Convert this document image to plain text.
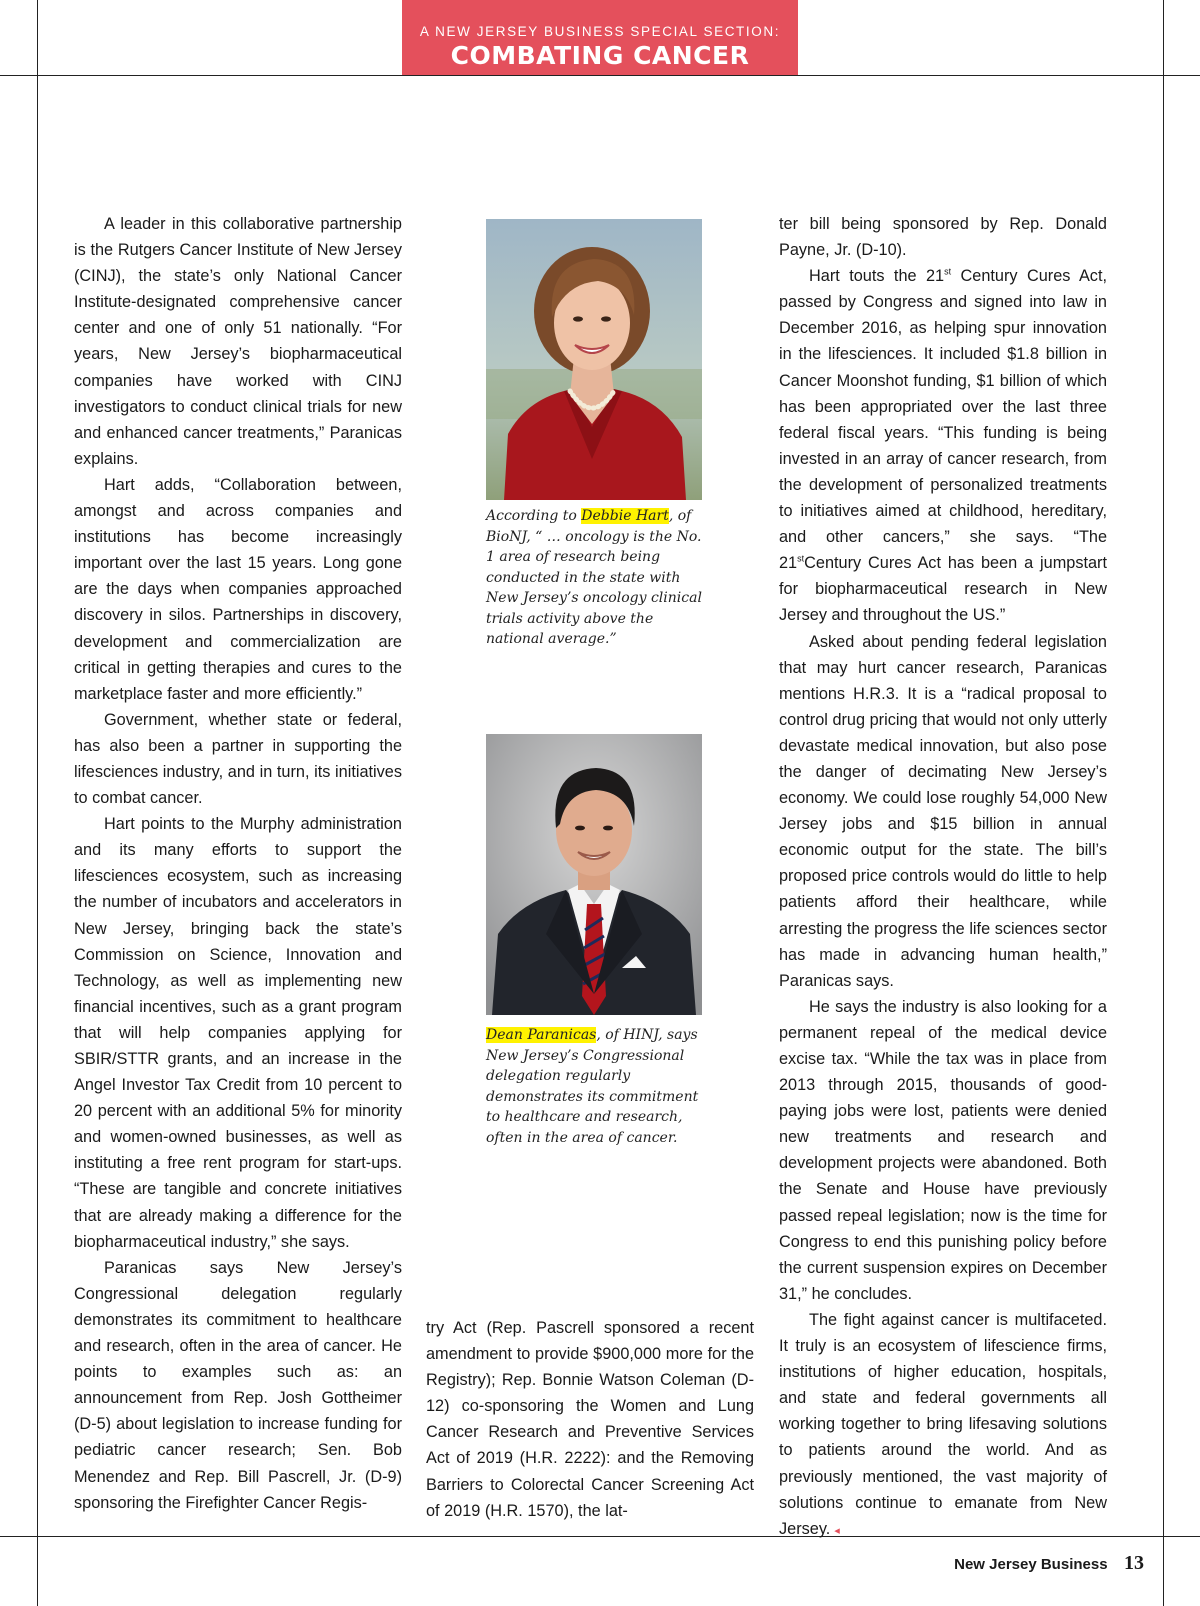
A NEW JERSEY BUSINESS SPECIAL SECTION:
COMBATING CANCER

A leader in this collaborative partnership is the Rutgers Cancer Institute of New Jersey (CINJ), the state’s only National Cancer Institute-designated comprehensive cancer center and one of only 51 nationally. “For years, New Jersey’s biopharmaceutical companies have worked with CINJ investigators to conduct clinical trials for new and enhanced cancer treatments,” Paranicas explains.

Hart adds, “Collaboration between, amongst and across companies and institutions has become increasingly important over the last 15 years. Long gone are the days when companies approached discovery in silos. Partnerships in discovery, development and commercialization are critical in getting therapies and cures to the marketplace faster and more efficiently.”

Government, whether state or federal, has also been a partner in supporting the lifesciences industry, and in turn, its initiatives to combat cancer.

Hart points to the Murphy administration and its many efforts to support the lifesciences ecosystem, such as increasing the number of incubators and accelerators in New Jersey, bringing back the state’s Commission on Science, Innovation and Technology, as well as implementing new financial incentives, such as a grant program that will help companies applying for SBIR/STTR grants, and an increase in the Angel Investor Tax Credit from 10 percent to 20 percent with an additional 5% for minority and women-owned businesses, as well as instituting a free rent program for start-ups. “These are tangible and concrete initiatives that are already making a difference for the biopharmaceutical industry,” she says.

Paranicas says New Jersey’s Congressional delegation regularly demonstrates its commitment to healthcare and research, often in the area of cancer. He points to examples such as: an announcement from Rep. Josh Gottheimer (D-5) about legislation to increase funding for pediatric cancer research; Sen. Bob Menendez and Rep. Bill Pascrell, Jr. (D-9) sponsoring the Firefighter Cancer Regis-

According to Debbie Hart, of BioNJ, “ … oncology is the No. 1 area of research being conducted in the state with New Jersey’s oncology clinical trials activity above the national average.”
Dean Paranicas, of HINJ, says New Jersey’s Congressional delegation regularly demonstrates its commitment to healthcare and research, often in the area of cancer.

try Act (Rep. Pascrell sponsored a recent amendment to provide $900,000 more for the Registry); Rep. Bonnie Watson Coleman (D-12) co-sponsoring the Women and Lung Cancer Research and Preventive Services Act of 2019 (H.R. 2222): and the Removing Barriers to Colorectal Cancer Screening Act of 2019 (H.R. 1570), the lat-

ter bill being sponsored by Rep. Donald Payne, Jr. (D-10).

Hart touts the 21st Century Cures Act, passed by Congress and signed into law in December 2016, as helping spur innovation in the lifesciences. It included $1.8 billion in Cancer Moonshot funding, $1 billion of which has been appropriated over the last three federal fiscal years. “This funding is being invested in an array of cancer research, from the development of personalized treatments to initiatives aimed at childhood, hereditary, and other cancers,” she says. “The 21stCentury Cures Act has been a jumpstart for biopharmaceutical research in New Jersey and throughout the US.”

Asked about pending federal legislation that may hurt cancer research, Paranicas mentions H.R.3. It is a “radical proposal to control drug pricing that would not only utterly devastate medical innovation, but also pose the danger of decimating New Jersey’s economy. We could lose roughly 54,000 New Jersey jobs and $15 billion in annual economic output for the state. The bill’s proposed price controls would do little to help patients afford their healthcare, while arresting the progress the life sciences sector has made in advancing human health,” Paranicas says.

He says the industry is also looking for a permanent repeal of the medical device excise tax. “While the tax was in place from 2013 through 2015, thousands of good-paying jobs were lost, patients were denied new treatments and research and development projects were abandoned. Both the Senate and House have previously passed repeal legislation; now is the time for Congress to end this punishing policy before the current suspension expires on December 31,” he concludes.

The fight against cancer is multifaceted. It truly is an ecosystem of lifescience firms, institutions of higher education, hospitals, and state and federal governments all working together to bring lifesaving solutions to patients around the world. And as previously mentioned, the vast majority of solutions continue to emanate from New Jersey. ◂

New Jersey Business 13
